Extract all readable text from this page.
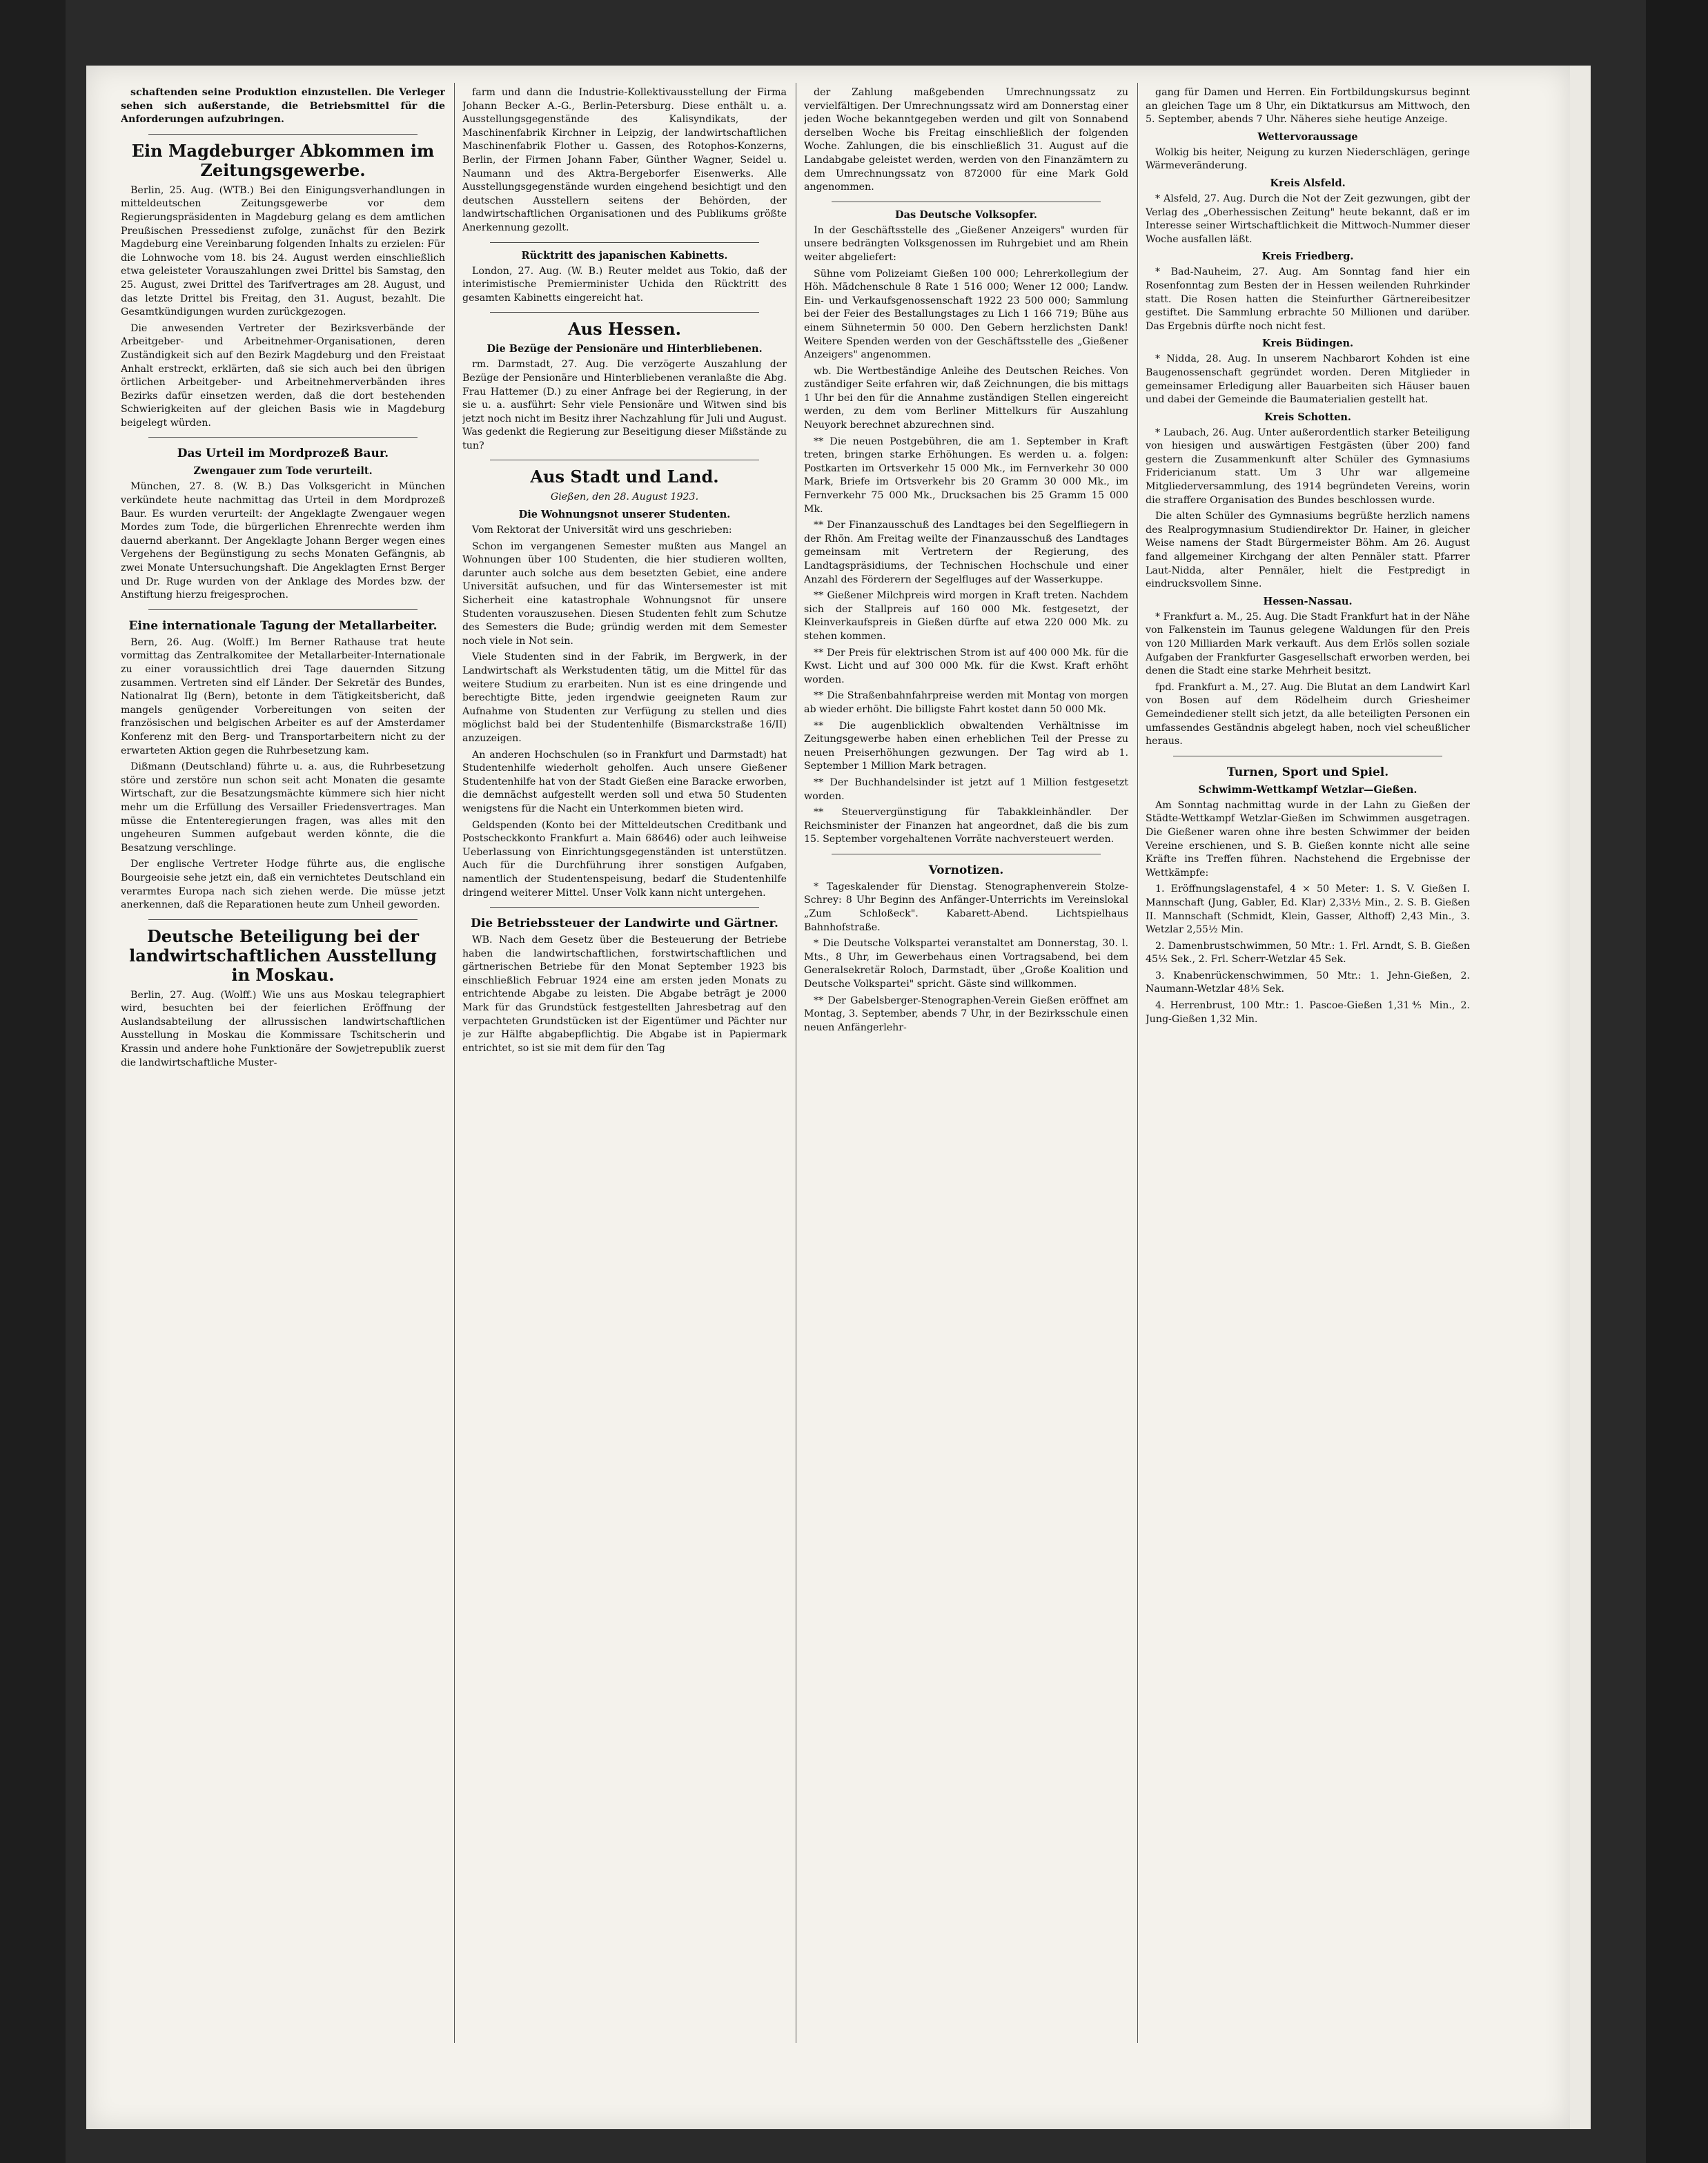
schaftenden seine Produktion einzustellen. Die Verleger sehen sich außerstande, die Betriebsmittel für die Anforderungen aufzubringen.

Ein Magdeburger Abkommen im Zeitungsgewerbe.

Berlin, 25. Aug. (WTB.) Bei den Einigungsverhandlungen in mitteldeutschen Zeitungsgewerbe vor dem Regierungspräsidenten in Magdeburg gelang es dem amtlichen Preußischen Pressedienst zufolge, zunächst für den Bezirk Magdeburg eine Vereinbarung folgenden Inhalts zu erzielen: Für die Lohnwoche vom 18. bis 24. August werden einschließlich etwa geleisteter Vorauszahlungen zwei Drittel bis Samstag, den 25. August, zwei Drittel des Tarifvertrages am 28. August, und das letzte Drittel bis Freitag, den 31. August, bezahlt. Die Gesamtkündigungen wurden zurückgezogen.

Die anwesenden Vertreter der Bezirksverbände der Arbeitgeber- und Arbeitnehmer-Organisationen, deren Zuständigkeit sich auf den Bezirk Magdeburg und den Freistaat Anhalt erstreckt, erklärten, daß sie sich auch bei den übrigen örtlichen Arbeitgeber- und Arbeitnehmerverbänden ihres Bezirks dafür einsetzen werden, daß die dort bestehenden Schwierigkeiten auf der gleichen Basis wie in Magdeburg beigelegt würden.

Das Urteil im Mordprozeß Baur.
Zwengauer zum Tode verurteilt.

München, 27. 8. (W. B.) Das Volksgericht in München verkündete heute nachmittag das Urteil in dem Mordprozeß Baur. Es wurden verurteilt: der Angeklagte Zwengauer wegen Mordes zum Tode, die bürgerlichen Ehrenrechte werden ihm dauernd aberkannt. Der Angeklagte Johann Berger wegen eines Vergehens der Begünstigung zu sechs Monaten Gefängnis, ab zwei Monate Untersuchungshaft. Die Angeklagten Ernst Berger und Dr. Ruge wurden von der Anklage des Mordes bzw. der Anstiftung hierzu freigesprochen.

Eine internationale Tagung der Metallarbeiter.

Bern, 26. Aug. (Wolff.) Im Berner Rathause trat heute vormittag das Zentralkomitee der Metallarbeiter-Internationale zu einer voraussichtlich drei Tage dauernden Sitzung zusammen. Vertreten sind elf Länder. Der Sekretär des Bundes, Nationalrat Ilg (Bern), betonte in dem Tätigkeitsbericht, daß mangels genügender Vorbereitungen von seiten der französischen und belgischen Arbeiter es auf der Amsterdamer Konferenz mit den Berg- und Transportarbeitern nicht zu der erwarteten Aktion gegen die Ruhrbesetzung kam.

Dißmann (Deutschland) führte u. a. aus, die Ruhrbesetzung störe und zerstöre nun schon seit acht Monaten die gesamte Wirtschaft, zur die Besatzungsmächte kümmere sich hier nicht mehr um die Erfüllung des Versailler Friedensvertrages. Man müsse die Ententeregierungen fragen, was alles mit den ungeheuren Summen aufgebaut werden könnte, die die Besatzung verschlinge.

Der englische Vertreter Hodge führte aus, die englische Bourgeoisie sehe jetzt ein, daß ein vernichtetes Deutschland ein verarmtes Europa nach sich ziehen werde. Die müsse jetzt anerkennen, daß die Reparationen heute zum Unheil geworden.

Deutsche Beteiligung bei der landwirtschaftlichen Ausstellung in Moskau.

Berlin, 27. Aug. (Wolff.) Wie uns aus Moskau telegraphiert wird, besuchten bei der feierlichen Eröffnung der Auslandsabteilung der allrussischen landwirtschaftlichen Ausstellung in Moskau die Kommissare Tschitscherin und Krassin und andere hohe Funktionäre der Sowjetrepublik zuerst die landwirtschaftliche Muster-

farm und dann die Industrie-Kollektivausstellung der Firma Johann Becker A.-G., Berlin-Petersburg. Diese enthält u. a. Ausstellungsgegenstände des Kalisyndikats, der Maschinenfabrik Kirchner in Leipzig, der landwirtschaftlichen Maschinenfabrik Flother u. Gassen, des Rotophos-Konzerns, Berlin, der Firmen Johann Faber, Günther Wagner, Seidel u. Naumann und des Aktra-Bergeborfer Eisenwerks. Alle Ausstellungsgegenstände wurden eingehend besichtigt und den deutschen Ausstellern seitens der Behörden, der landwirtschaftlichen Organisationen und des Publikums größte Anerkennung gezollt.

Rücktritt des japanischen Kabinetts.

London, 27. Aug. (W. B.) Reuter meldet aus Tokio, daß der interimistische Premierminister Uchida den Rücktritt des gesamten Kabinetts eingereicht hat.

Aus Hessen.
Die Bezüge der Pensionäre und Hinterbliebenen.

rm. Darmstadt, 27. Aug. Die verzögerte Auszahlung der Bezüge der Pensionäre und Hinterbliebenen veranlaßte die Abg. Frau Hattemer (D.) zu einer Anfrage bei der Regierung, in der sie u. a. ausführt: Sehr viele Pensionäre und Witwen sind bis jetzt noch nicht im Besitz ihrer Nachzahlung für Juli und August. Was gedenkt die Regierung zur Beseitigung dieser Mißstände zu tun?

Aus Stadt und Land.
Gießen, den 28. August 1923.
Die Wohnungsnot unserer Studenten.

Vom Rektorat der Universität wird uns geschrieben:

Schon im vergangenen Semester mußten aus Mangel an Wohnungen über 100 Studenten, die hier studieren wollten, darunter auch solche aus dem besetzten Gebiet, eine andere Universität aufsuchen, und für das Wintersemester ist mit Sicherheit eine katastrophale Wohnungsnot für unsere Studenten vorauszusehen. Diesen Studenten fehlt zum Schutze des Semesters die Bude; gründig werden mit dem Semester noch viele in Not sein.

Viele Studenten sind in der Fabrik, im Bergwerk, in der Landwirtschaft als Werkstudenten tätig, um die Mittel für das weitere Studium zu erarbeiten. Nun ist es eine dringende und berechtigte Bitte, jeden irgendwie geeigneten Raum zur Aufnahme von Studenten zur Verfügung zu stellen und dies möglichst bald bei der Studentenhilfe (Bismarckstraße 16/II) anzuzeigen.

An anderen Hochschulen (so in Frankfurt und Darmstadt) hat Studentenhilfe wiederholt geholfen. Auch unsere Gießener Studentenhilfe hat von der Stadt Gießen eine Baracke erworben, die demnächst aufgestellt werden soll und etwa 50 Studenten wenigstens für die Nacht ein Unterkommen bieten wird.

Geldspenden (Konto bei der Mitteldeutschen Creditbank und Postscheckkonto Frankfurt a. Main 68646) oder auch leihweise Ueberlassung von Einrichtungsgegenständen ist unterstützen. Auch für die Durchführung ihrer sonstigen Aufgaben, namentlich der Studentenspeisung, bedarf die Studentenhilfe dringend weiterer Mittel. Unser Volk kann nicht untergehen.

Die Betriebssteuer der Landwirte und Gärtner.

WB. Nach dem Gesetz über die Besteuerung der Betriebe haben die landwirtschaftlichen, forstwirtschaftlichen und gärtnerischen Betriebe für den Monat September 1923 bis einschließlich Februar 1924 eine am ersten jeden Monats zu entrichtende Abgabe zu leisten. Die Abgabe beträgt je 2000 Mark für das Grundstück festgestellten Jahresbetrag auf den verpachteten Grundstücken ist der Eigentümer und Pächter nur je zur Hälfte abgabepflichtig. Die Abgabe ist in Papiermark entrichtet, so ist sie mit dem für den Tag

der Zahlung maßgebenden Umrechnungssatz zu vervielfältigen. Der Umrechnungssatz wird am Donnerstag einer jeden Woche bekanntgegeben werden und gilt von Sonnabend derselben Woche bis Freitag einschließlich der folgenden Woche. Zahlungen, die bis einschließlich 31. August auf die Landabgabe geleistet werden, werden von den Finanzämtern zu dem Umrechnungssatz von 872000 für eine Mark Gold angenommen.

Das Deutsche Volksopfer.

In der Geschäftsstelle des „Gießener Anzeigers" wurden für unsere bedrängten Volksgenossen im Ruhrgebiet und am Rhein weiter abgeliefert:

Sühne vom Polizeiamt Gießen 100 000; Lehrerkollegium der Höh. Mädchenschule 8 Rate 1 516 000; Wener 12 000; Landw. Ein- und Verkaufsgenossenschaft 1922 23 500 000; Sammlung bei der Feier des Bestallungstages zu Lich 1 166 719; Bühe aus einem Sühnetermin 50 000. Den Gebern herzlichsten Dank! Weitere Spenden werden von der Geschäftsstelle des „Gießener Anzeigers" angenommen.

wb. Die Wertbeständige Anleihe des Deutschen Reiches. Von zuständiger Seite erfahren wir, daß Zeichnungen, die bis mittags 1 Uhr bei den für die Annahme zuständigen Stellen eingereicht werden, zu dem vom Berliner Mittelkurs für Auszahlung Neuyork berechnet abzurechnen sind.

** Die neuen Postgebühren, die am 1. September in Kraft treten, bringen starke Erhöhungen. Es werden u. a. folgen: Postkarten im Ortsverkehr 15 000 Mk., im Fernverkehr 30 000 Mark, Briefe im Ortsverkehr bis 20 Gramm 30 000 Mk., im Fernverkehr 75 000 Mk., Drucksachen bis 25 Gramm 15 000 Mk.

** Der Finanzausschuß des Landtages bei den Segelfliegern in der Rhön. Am Freitag weilte der Finanzausschuß des Landtages gemeinsam mit Vertretern der Regierung, des Landtagspräsidiums, der Technischen Hochschule und einer Anzahl des Förderern der Segelfluges auf der Wasserkuppe.

** Gießener Milchpreis wird morgen in Kraft treten. Nachdem sich der Stallpreis auf 160 000 Mk. festgesetzt, der Kleinverkaufspreis in Gießen dürfte auf etwa 220 000 Mk. zu stehen kommen.

** Der Preis für elektrischen Strom ist auf 400 000 Mk. für die Kwst. Licht und auf 300 000 Mk. für die Kwst. Kraft erhöht worden.

** Die Straßenbahnfahrpreise werden mit Montag von morgen ab wieder erhöht. Die billigste Fahrt kostet dann 50 000 Mk.

** Die augenblicklich obwaltenden Verhältnisse im Zeitungsgewerbe haben einen erheblichen Teil der Presse zu neuen Preiserhöhungen gezwungen. Der Tag wird ab 1. September 1 Million Mark betragen.

** Der Buchhandelsinder ist jetzt auf 1 Million festgesetzt worden.

** Steuervergünstigung für Tabakkleinhändler. Der Reichsminister der Finanzen hat angeordnet, daß die bis zum 15. September vorgehaltenen Vorräte nachversteuert werden.

Vornotizen.

* Tageskalender für Dienstag. Stenographenverein Stolze-Schrey: 8 Uhr Beginn des Anfänger-Unterrichts im Vereinslokal „Zum Schloßeck". Kabarett-Abend. Lichtspielhaus Bahnhofstraße.

* Die Deutsche Volkspartei veranstaltet am Donnerstag, 30. l. Mts., 8 Uhr, im Gewerbehaus einen Vortragsabend, bei dem Generalsekretär Roloch, Darmstadt, über „Große Koalition und Deutsche Volkspartei" spricht. Gäste sind willkommen.

** Der Gabelsberger-Stenographen-Verein Gießen eröffnet am Montag, 3. September, abends 7 Uhr, in der Bezirksschule einen neuen Anfängerlehr-

gang für Damen und Herren. Ein Fortbildungskursus beginnt an gleichen Tage um 8 Uhr, ein Diktatkursus am Mittwoch, den 5. September, abends 7 Uhr. Näheres siehe heutige Anzeige.

Wettervoraussage

Wolkig bis heiter, Neigung zu kurzen Niederschlägen, geringe Wärmeveränderung.

Kreis Alsfeld.

* Alsfeld, 27. Aug. Durch die Not der Zeit gezwungen, gibt der Verlag des „Oberhessischen Zeitung" heute bekannt, daß er im Interesse seiner Wirtschaftlichkeit die Mittwoch-Nummer dieser Woche ausfallen läßt.

Kreis Friedberg.

* Bad-Nauheim, 27. Aug. Am Sonntag fand hier ein Rosenfonntag zum Besten der in Hessen weilenden Ruhrkinder statt. Die Rosen hatten die Steinfurther Gärtnereibesitzer gestiftet. Die Sammlung erbrachte 50 Millionen und darüber. Das Ergebnis dürfte noch nicht fest.

Kreis Büdingen.

* Nidda, 28. Aug. In unserem Nachbarort Kohden ist eine Baugenossenschaft gegründet worden. Deren Mitglieder in gemeinsamer Erledigung aller Bauarbeiten sich Häuser bauen und dabei der Gemeinde die Baumaterialien gestellt hat.

Kreis Schotten.

* Laubach, 26. Aug. Unter außerordentlich starker Beteiligung von hiesigen und auswärtigen Festgästen (über 200) fand gestern die Zusammenkunft alter Schüler des Gymnasiums Fridericianum statt. Um 3 Uhr war allgemeine Mitgliederversammlung, des 1914 begründeten Vereins, worin die straffere Organisation des Bundes beschlossen wurde.

Die alten Schüler des Gymnasiums begrüßte herzlich namens des Realprogymnasium Studiendirektor Dr. Hainer, in gleicher Weise namens der Stadt Bürgermeister Böhm. Am 26. August fand allgemeiner Kirchgang der alten Pennäler statt. Pfarrer Laut-Nidda, alter Pennäler, hielt die Festpredigt in eindrucksvollem Sinne.

Hessen-Nassau.

* Frankfurt a. M., 25. Aug. Die Stadt Frankfurt hat in der Nähe von Falkenstein im Taunus gelegene Waldungen für den Preis von 120 Milliarden Mark verkauft. Aus dem Erlös sollen soziale Aufgaben der Frankfurter Gasgesellschaft erworben werden, bei denen die Stadt eine starke Mehrheit besitzt.

fpd. Frankfurt a. M., 27. Aug. Die Blutat an dem Landwirt Karl von Bosen auf dem Rödelheim durch Griesheimer Gemeindediener stellt sich jetzt, da alle beteiligten Personen ein umfassendes Geständnis abgelegt haben, noch viel scheußlicher heraus.

Turnen, Sport und Spiel.
Schwimm-Wettkampf Wetzlar—Gießen.

Am Sonntag nachmittag wurde in der Lahn zu Gießen der Städte-Wettkampf Wetzlar-Gießen im Schwimmen ausgetragen. Die Gießener waren ohne ihre besten Schwimmer der beiden Vereine erschienen, und S. B. Gießen konnte nicht alle seine Kräfte ins Treffen führen. Nachstehend die Ergebnisse der Wettkämpfe:

1. Eröffnungslagenstafel, 4 × 50 Meter: 1. S. V. Gießen I. Mannschaft (Jung, Gabler, Ed. Klar) 2,33½ Min., 2. S. B. Gießen II. Mannschaft (Schmidt, Klein, Gasser, Althoff) 2,43 Min., 3. Wetzlar 2,55½ Min.

2. Damenbrustschwimmen, 50 Mtr.: 1. Frl. Arndt, S. B. Gießen 45⅕ Sek., 2. Frl. Scherr-Wetzlar 45 Sek.

3. Knabenrückenschwimmen, 50 Mtr.: 1. Jehn-Gießen, 2. Naumann-Wetzlar 48⅕ Sek.

4. Herrenbrust, 100 Mtr.: 1. Pascoe-Gießen 1,31⅘ Min., 2. Jung-Gießen 1,32 Min.
